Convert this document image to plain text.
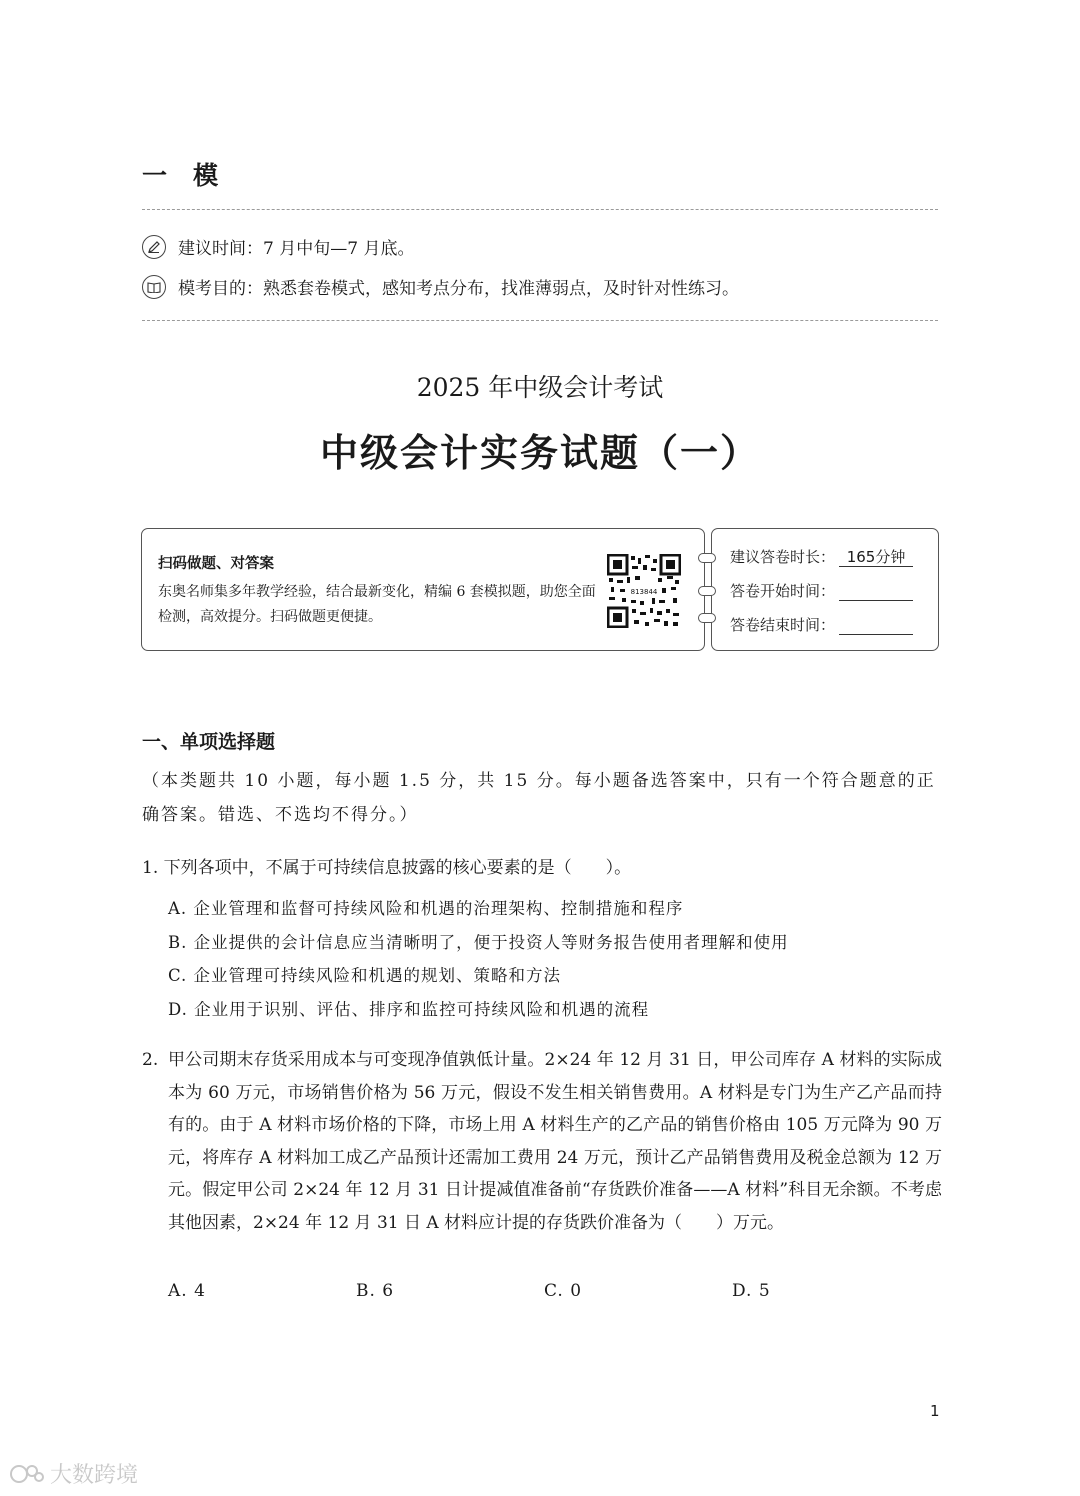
一 模
建议时间：7 月中旬—7 月底。
模考目的：熟悉套卷模式，感知考点分布，找准薄弱点，及时针对性练习。
2025 年中级会计考试
中级会计实务试题（一）
扫码做题、对答案
东奥名师集多年教学经验，结合最新变化，精编 6 套模拟题，助您全面检测，高效提分。扫码做题更便捷。
813844
建议答卷时长： 165分钟
答卷开始时间：
答卷结束时间：
一、单项选择题
（本类题共 10 小题，每小题 1.5 分，共 15 分。每小题备选答案中，只有一个符合题意的正确答案。错选、不选均不得分。）
1. 下列各项中，不属于可持续信息披露的核心要素的是（　　）。
A. 企业管理和监督可持续风险和机遇的治理架构、控制措施和程序
B. 企业提供的会计信息应当清晰明了，便于投资人等财务报告使用者理解和使用
C. 企业管理可持续风险和机遇的规划、策略和方法
D. 企业用于识别、评估、排序和监控可持续风险和机遇的流程
2. 甲公司期末存货采用成本与可变现净值孰低计量。2×24 年 12 月 31 日，甲公司库存 A 材料的实际成本为 60 万元，市场销售价格为 56 万元，假设不发生相关销售费用。A 材料是专门为生产乙产品而持有的。由于 A 材料市场价格的下降，市场上用 A 材料生产的乙产品的销售价格由 105 万元降为 90 万元，将库存 A 材料加工成乙产品预计还需加工费用 24 万元，预计乙产品销售费用及税金总额为 12 万元。假定甲公司 2×24 年 12 月 31 日计提减值准备前“存货跌价准备——A 材料”科目无余额。不考虑其他因素，2×24 年 12 月 31 日 A 材料应计提的存货跌价准备为（　　）万元。
A. 4	B. 6	C. 0	D. 5
1
大数跨境
